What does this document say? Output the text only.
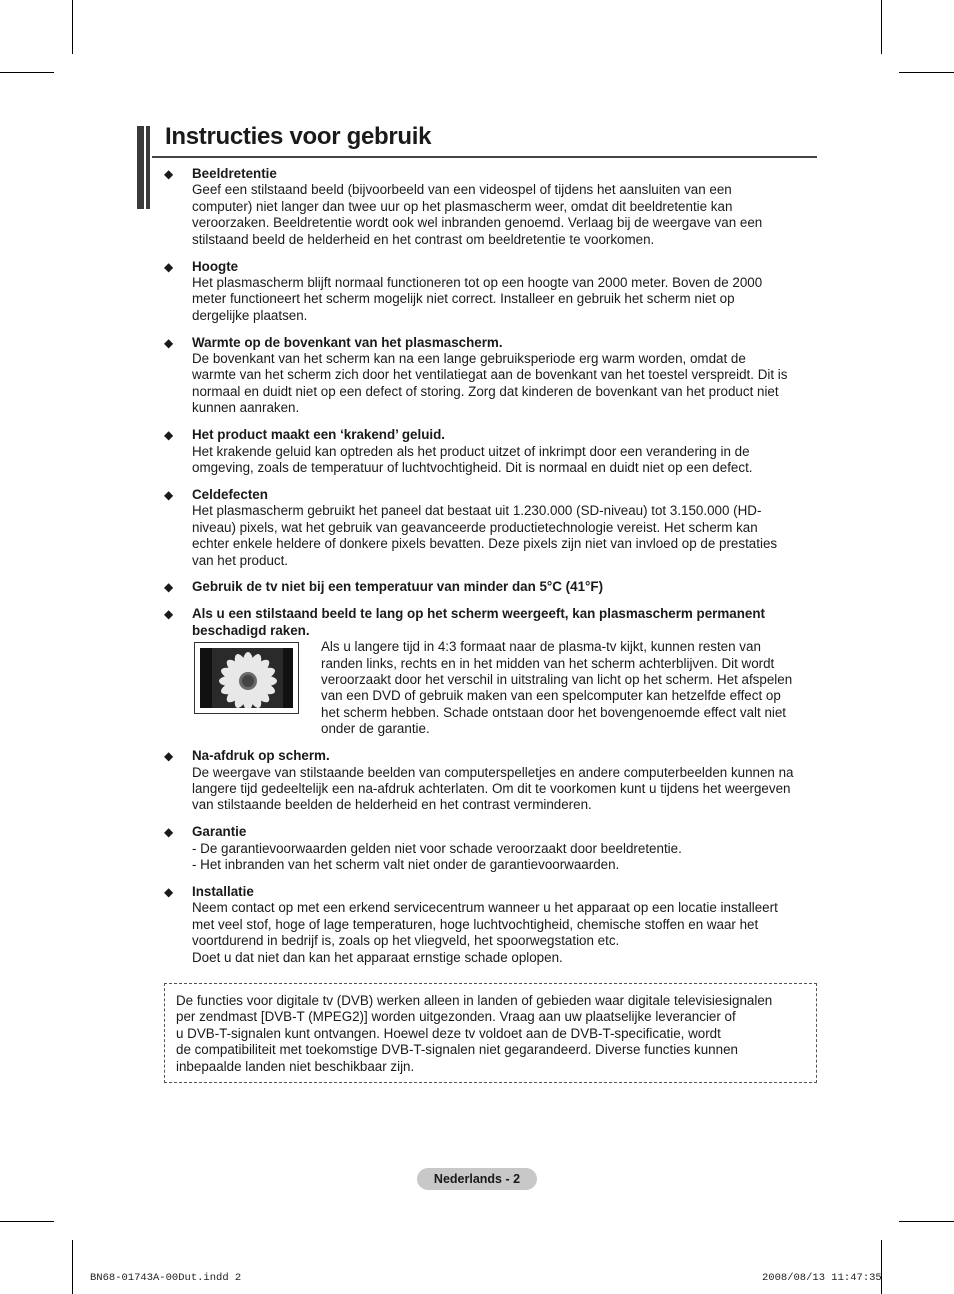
Instructies voor gebruik
◆ Beeldretentie
Geef een stilstaand beeld (bijvoorbeeld van een videospel of tijdens het aansluiten van een
computer) niet langer dan twee uur op het plasmascherm weer, omdat dit beeldretentie kan
veroorzaken. Beeldretentie wordt ook wel inbranden genoemd. Verlaag bij de weergave van een
stilstaand beeld de helderheid en het contrast om beeldretentie te voorkomen.
◆ Hoogte
Het plasmascherm blijft normaal functioneren tot op een hoogte van 2000 meter. Boven de 2000
meter functioneert het scherm mogelijk niet correct. Installeer en gebruik het scherm niet op
dergelijke plaatsen.
◆ Warmte op de bovenkant van het plasmascherm.
De bovenkant van het scherm kan na een lange gebruiksperiode erg warm worden, omdat de
warmte van het scherm zich door het ventilatiegat aan de bovenkant van het toestel verspreidt. Dit is
normaal en duidt niet op een defect of storing. Zorg dat kinderen de bovenkant van het product niet
kunnen aanraken.
◆ Het product maakt een ‘krakend’ geluid.
Het krakende geluid kan optreden als het product uitzet of inkrimpt door een verandering in de
omgeving, zoals de temperatuur of luchtvochtigheid. Dit is normaal en duidt niet op een defect.
◆ Celdefecten
Het plasmascherm gebruikt het paneel dat bestaat uit 1.230.000 (SD-niveau) tot 3.150.000 (HD-
niveau) pixels, wat het gebruik van geavanceerde productietechnologie vereist. Het scherm kan
echter enkele heldere of donkere pixels bevatten. Deze pixels zijn niet van invloed op de prestaties
van het product.
◆ Gebruik de tv niet bij een temperatuur van minder dan 5°C (41°F)
◆ Als u een stilstaand beeld te lang op het scherm weergeeft, kan plasmascherm permanent
beschadigd raken.
Als u langere tijd in 4:3 formaat naar de plasma-tv kijkt, kunnen resten van
randen links, rechts en in het midden van het scherm achterblijven. Dit wordt
veroorzaakt door het verschil in uitstraling van licht op het scherm. Het afspelen
van een DVD of gebruik maken van een spelcomputer kan hetzelfde effect op
het scherm hebben. Schade ontstaan door het bovengenoemde effect valt niet
onder de garantie.
◆ Na-afdruk op scherm.
De weergave van stilstaande beelden van computerspelletjes en andere computerbeelden kunnen na
langere tijd gedeeltelijk een na-afdruk achterlaten. Om dit te voorkomen kunt u tijdens het weergeven
van stilstaande beelden de helderheid en het contrast verminderen.
◆ Garantie
- De garantievoorwaarden gelden niet voor schade veroorzaakt door beeldretentie.
- Het inbranden van het scherm valt niet onder de garantievoorwaarden.
◆ Installatie
Neem contact op met een erkend servicecentrum wanneer u het apparaat op een locatie installeert
met veel stof, hoge of lage temperaturen, hoge luchtvochtigheid, chemische stoffen en waar het
voortdurend in bedrijf is, zoals op het vliegveld, het spoorwegstation etc.
Doet u dat niet dan kan het apparaat ernstige schade oplopen.
De functies voor digitale tv (DVB) werken alleen in landen of gebieden waar digitale televisiesignalen
per zendmast [DVB-T (MPEG2)] worden uitgezonden. Vraag aan uw plaatselijke leverancier of
u DVB-T-signalen kunt ontvangen. Hoewel deze tv voldoet aan de DVB-T-specificatie, wordt
de compatibiliteit met toekomstige DVB-T-signalen niet gegarandeerd. Diverse functies kunnen
inbepaalde landen niet beschikbaar zijn.
Nederlands - 2
BN68-01743A-00Dut.indd 2	2008/08/13 11:47:35
